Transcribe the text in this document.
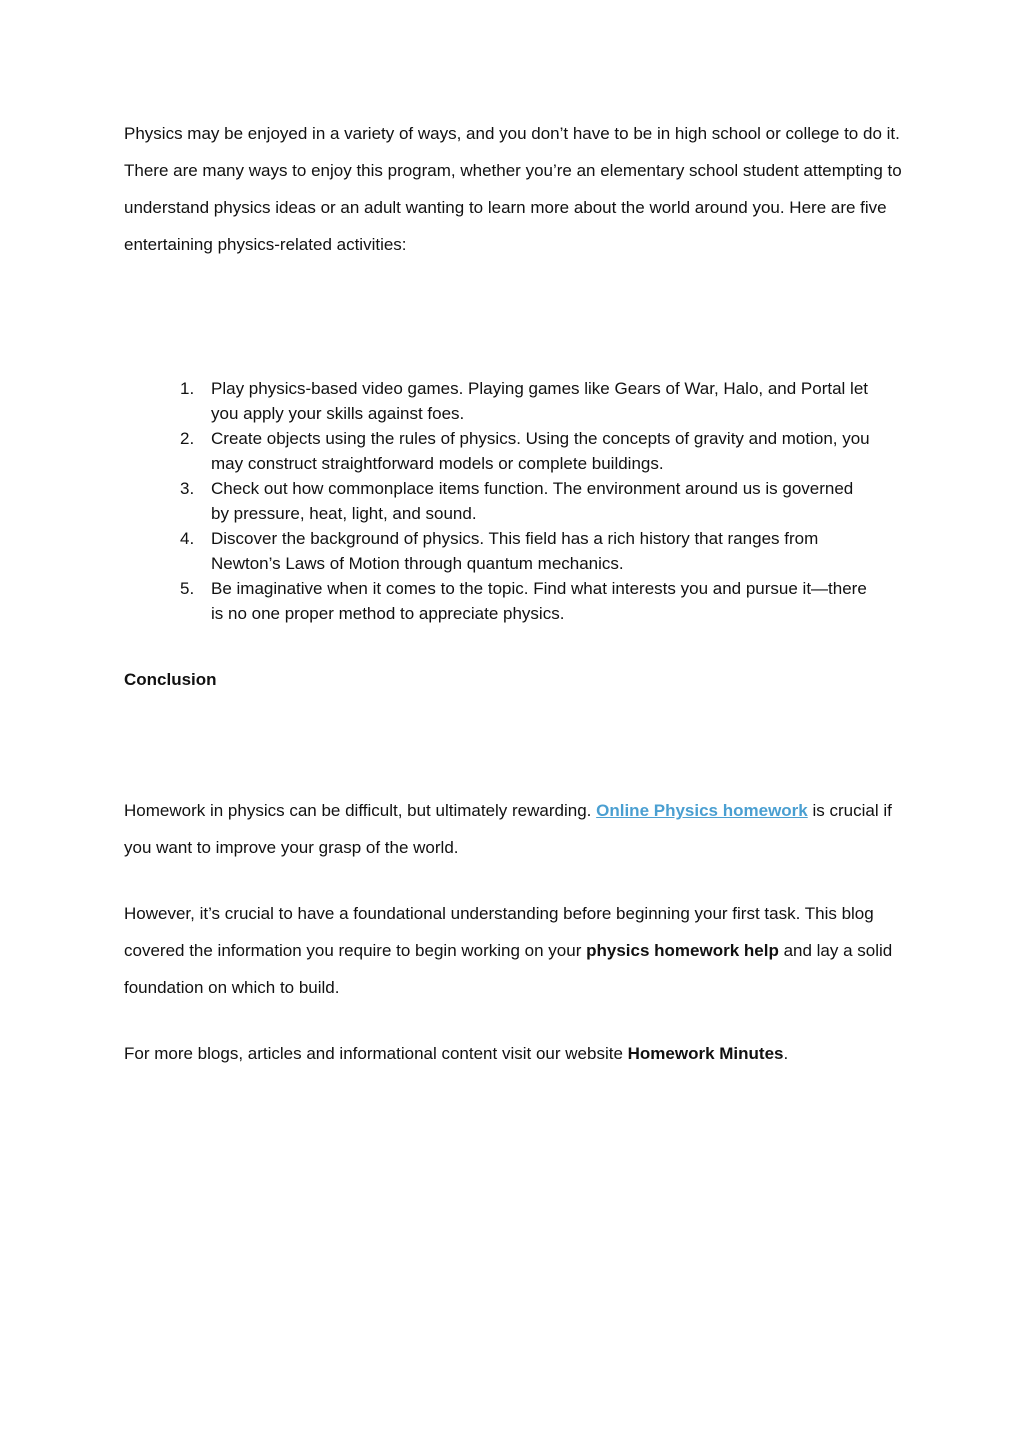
Physics may be enjoyed in a variety of ways, and you don’t have to be in high school or college to do it. There are many ways to enjoy this program, whether you’re an elementary school student attempting to understand physics ideas or an adult wanting to learn more about the world around you. Here are five entertaining physics-related activities:

1. Play physics-based video games. Playing games like Gears of War, Halo, and Portal let you apply your skills against foes.
2. Create objects using the rules of physics. Using the concepts of gravity and motion, you may construct straightforward models or complete buildings.
3. Check out how commonplace items function. The environment around us is governed by pressure, heat, light, and sound.
4. Discover the background of physics. This field has a rich history that ranges from Newton’s Laws of Motion through quantum mechanics.
5. Be imaginative when it comes to the topic. Find what interests you and pursue it—there is no one proper method to appreciate physics.
Conclusion

Homework in physics can be difficult, but ultimately rewarding. Online Physics homework is crucial if you want to improve your grasp of the world.

However, it’s crucial to have a foundational understanding before beginning your first task. This blog covered the information you require to begin working on your physics homework help and lay a solid foundation on which to build.

For more blogs, articles and informational content visit our website Homework Minutes.
